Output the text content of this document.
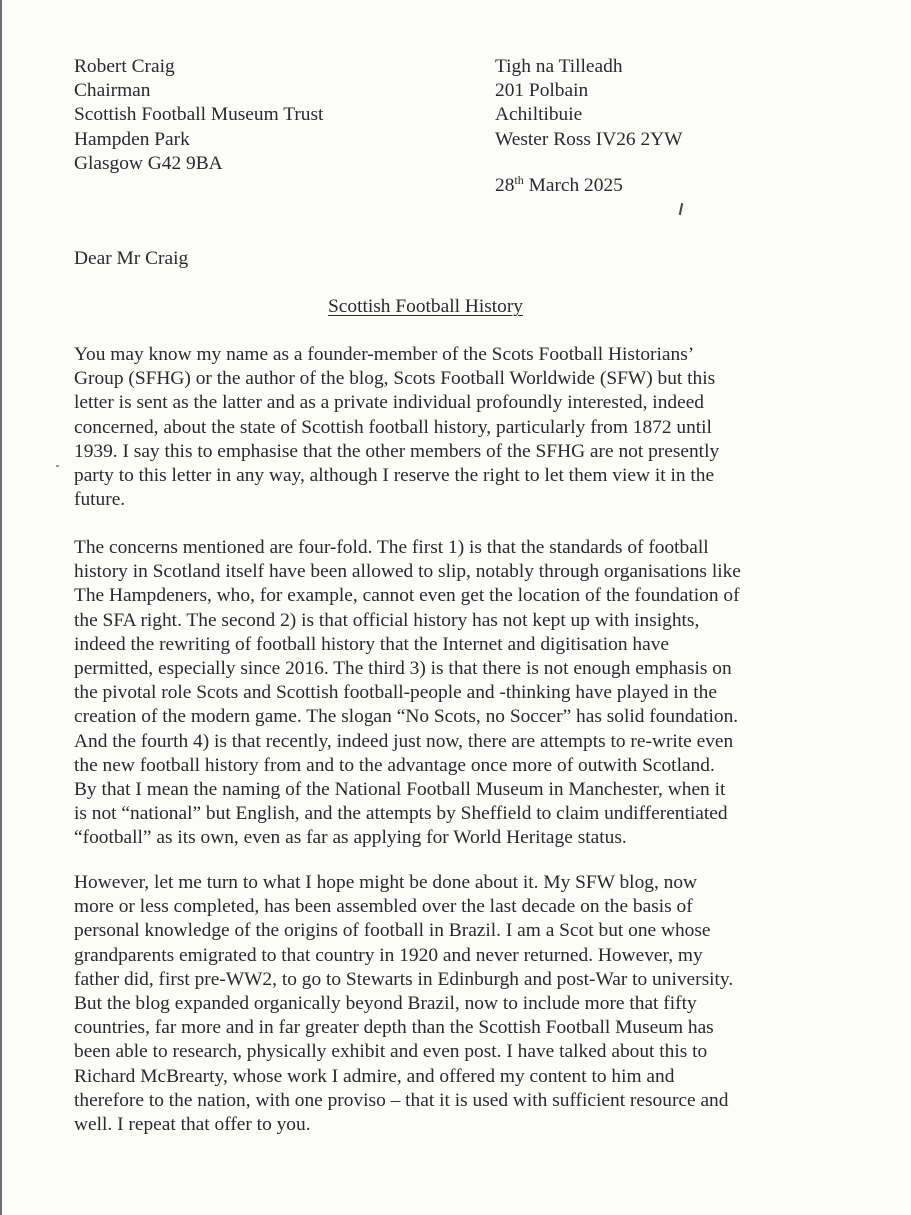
Robert Craig
Chairman
Scottish Football Museum Trust
Hampden Park
Glasgow G42 9BA
Tigh na Tilleadh
201 Polbain
Achiltibuie
Wester Ross IV26 2YW
28th March 2025
Dear Mr Craig
Scottish Football History
You may know my name as a founder-member of the Scots Football Historians’
Group (SFHG) or the author of the blog, Scots Football Worldwide (SFW) but this
letter is sent as the latter and as a private individual profoundly interested, indeed
concerned, about the state of Scottish football history, particularly from 1872 until
1939. I say this to emphasise that the other members of the SFHG are not presently
party to this letter in any way, although I reserve the right to let them view it in the
future.
The concerns mentioned are four-fold. The first 1) is that the standards of football
history in Scotland itself have been allowed to slip, notably through organisations like
The Hampdeners, who, for example, cannot even get the location of the foundation of
the SFA right. The second 2) is that official history has not kept up with insights,
indeed the rewriting of football history that the Internet and digitisation have
permitted, especially since 2016. The third 3) is that there is not enough emphasis on
the pivotal role Scots and Scottish football-people and -thinking have played in the
creation of the modern game. The slogan “No Scots, no Soccer” has solid foundation.
And the fourth 4) is that recently, indeed just now, there are attempts to re-write even
the new football history from and to the advantage once more of outwith Scotland.
By that I mean the naming of the National Football Museum in Manchester, when it
is not “national” but English, and the attempts by Sheffield to claim undifferentiated
“football” as its own, even as far as applying for World Heritage status.
However, let me turn to what I hope might be done about it. My SFW blog, now
more or less completed, has been assembled over the last decade on the basis of
personal knowledge of the origins of football in Brazil. I am a Scot but one whose
grandparents emigrated to that country in 1920 and never returned. However, my
father did, first pre-WW2, to go to Stewarts in Edinburgh and post-War to university.
But the blog expanded organically beyond Brazil, now to include more that fifty
countries, far more and in far greater depth than the Scottish Football Museum has
been able to research, physically exhibit and even post. I have talked about this to
Richard McBrearty, whose work I admire, and offered my content to him and
therefore to the nation, with one proviso – that it is used with sufficient resource and
well. I repeat that offer to you.
